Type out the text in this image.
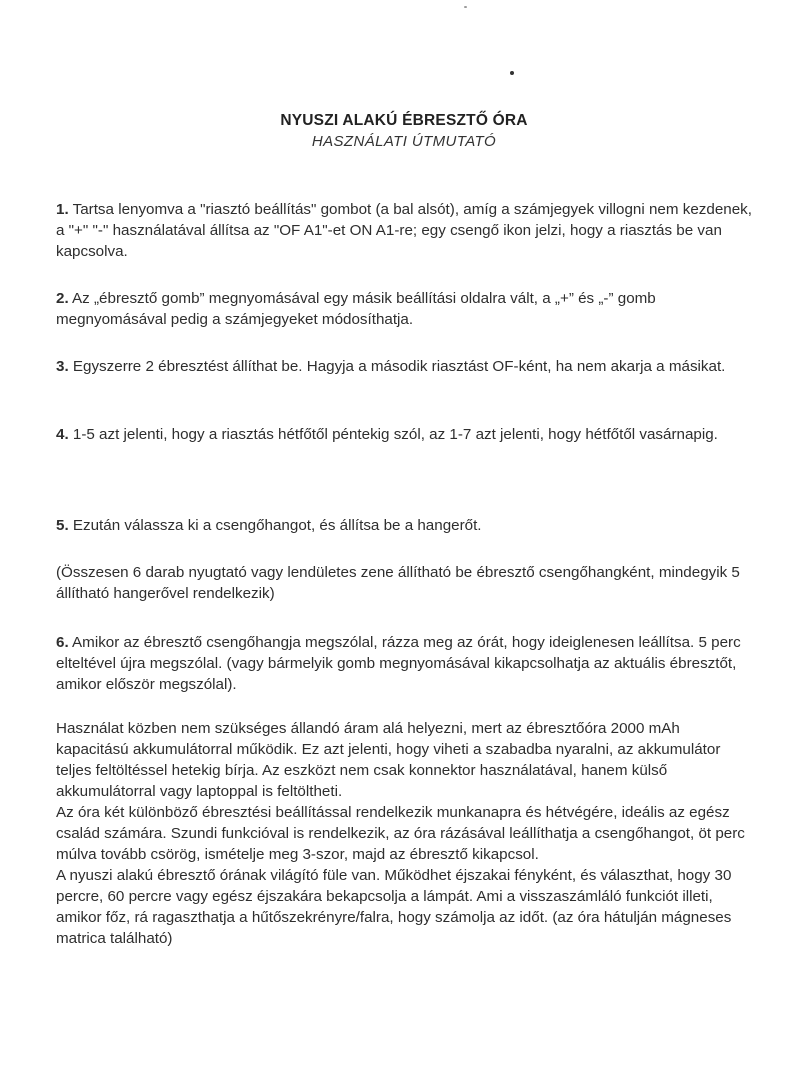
NYUSZI ALAKÚ ÉBRESZTŐ ÓRA
HASZNÁLATI ÚTMUTATÓ

1. Tartsa lenyomva a "riasztó beállítás" gombot (a bal alsót), amíg a számjegyek villogni nem kezdenek, a "+" "-" használatával állítsa az "OF A1"-et ON A1-re; egy csengő ikon jelzi, hogy a riasztás be van kapcsolva.

2. Az „ébresztő gomb” megnyomásával egy másik beállítási oldalra vált, a „+” és „-” gomb megnyomásával pedig a számjegyeket módosíthatja.

3. Egyszerre 2 ébresztést állíthat be. Hagyja a második riasztást OF-ként, ha nem akarja a másikat.

4. 1-5 azt jelenti, hogy a riasztás hétfőtől péntekig szól, az 1-7 azt jelenti, hogy hétfőtől vasárnapig.

5. Ezután válassza ki a csengőhangot, és állítsa be a hangerőt.

(Összesen 6 darab nyugtató vagy lendületes zene állítható be ébresztő csengőhangként, mindegyik 5 állítható hangerővel rendelkezik)

6. Amikor az ébresztő csengőhangja megszólal, rázza meg az órát, hogy ideiglenesen leállítsa. 5 perc elteltével újra megszólal. (vagy bármelyik gomb megnyomásával kikapcsolhatja az aktuális ébresztőt, amikor először megszólal).

Használat közben nem szükséges állandó áram alá helyezni, mert az ébresztőóra 2000 mAh kapacitású akkumulátorral működik. Ez azt jelenti, hogy viheti a szabadba nyaralni, az akkumulátor teljes feltöltéssel hetekig bírja. Az eszközt nem csak konnektor használatával, hanem külső akkumulátorral vagy laptoppal is feltöltheti.

Az óra két különböző ébresztési beállítással rendelkezik munkanapra és hétvégére, ideális az egész család számára. Szundi funkcióval is rendelkezik, az óra rázásával leállíthatja a csengőhangot, öt perc múlva tovább csörög, ismételje meg 3-szor, majd az ébresztő kikapcsol.

A nyuszi alakú ébresztő órának világító füle van. Működhet éjszakai fényként, és választhat, hogy 30 percre, 60 percre vagy egész éjszakára bekapcsolja a lámpát. Ami a visszaszámláló funkciót illeti, amikor főz, rá ragaszthatja a hűtőszekrényre/falra, hogy számolja az időt. (az óra hátulján mágneses matrica található)
